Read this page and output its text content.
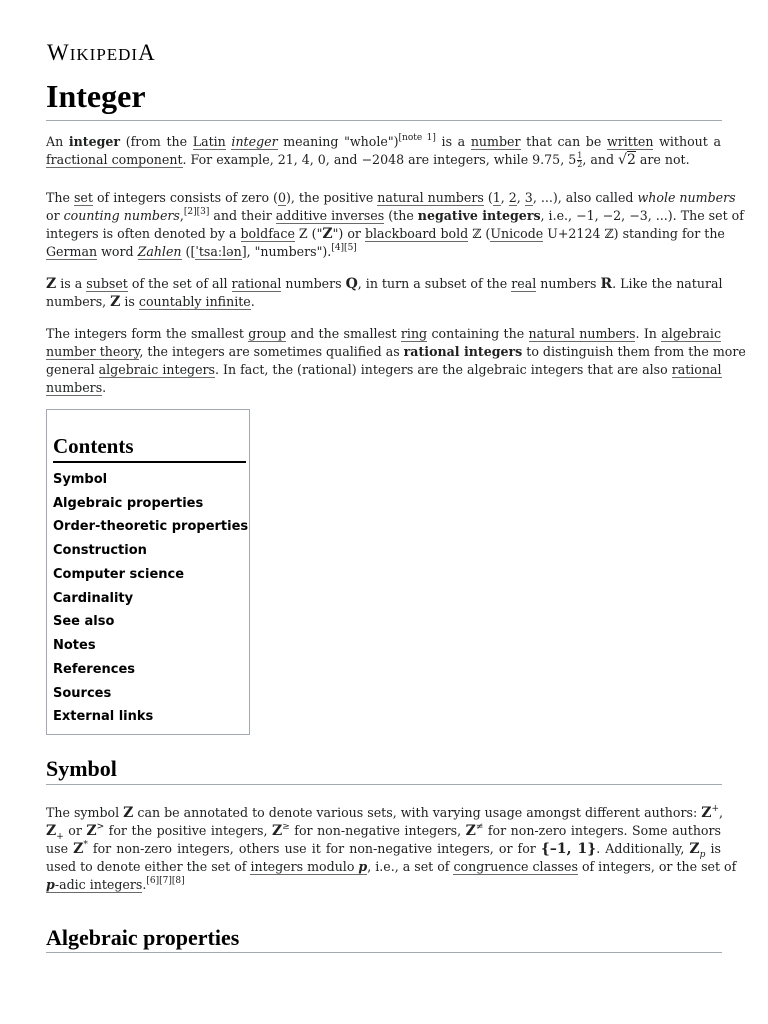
WIKIPEDIA
Integer
An integer (from the Latin integer meaning "whole")[note 1] is a number that can be written without a
fractional component. For example, 21, 4, 0, and −2048 are integers, while 9.75, $5 \frac{1}{2}$ , and √2 are not.
The set of integers consists of zero (0), the positive natural numbers (1, 2, 3, ...), also called whole numbers
or counting numbers,[2][3] and their additive inverses (the negative integers, i.e., −1, −2, −3, ...). The set of
integers is often denoted by a boldface Z ("Z") or blackboard bold ℤ (Unicode U+2124 ℤ) standing for the
German word Zahlen ([ˈtsaːlən], "numbers").[4][5]
Z is a subset of the set of all rational numbers Q, in turn a subset of the real numbers R. Like the natural
numbers, Z is countably infinite.
The integers form the smallest group and the smallest ring containing the natural numbers. In algebraic
number theory, the integers are sometimes qualified as rational integers to distinguish them from the more
general algebraic integers. In fact, the (rational) integers are the algebraic integers that are also rational
numbers.
Contents
Symbol
Algebraic properties
Order-theoretic properties
Construction
Computer science
Cardinality
See also
Notes
References
Sources
External links
Symbol
The symbol Z can be annotated to denote various sets, with varying usage amongst different authors: Z+,
$Z_+$ or Z> for the positive integers, Z≥ for non-negative integers, Z≠ for non-zero integers. Some authors
use Z* for non-zero integers, others use it for non-negative integers, or for {–1, 1}. Additionally, $Z_p$ is
used to denote either the set of integers modulo p, i.e., a set of congruence classes of integers, or the set of
p-adic integers.[6][7][8]
Algebraic properties
